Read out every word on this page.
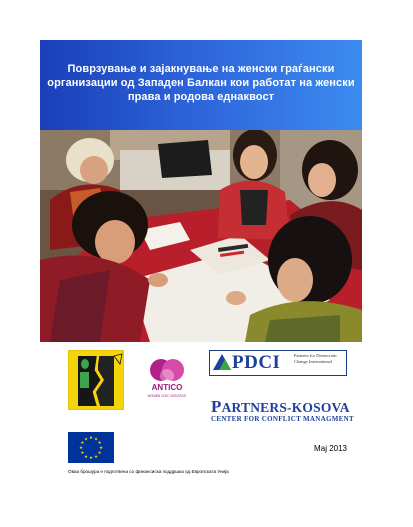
Поврзување и зајакнување на женски граѓански
организации од Западен Балкан кои работат на женски
права и родова еднаквост
ANTICO
WOMEN CIVIC INITIATIVE
PDCI	Partners for Democratic Change International
PARTNERS-KOSOVA
CENTER FOR CONFLICT MANAGMENT
★ ★
★
★
★
★
★
★
★
★
★
★
Мај 2013
Оваа брошура е подготвена со финансиска поддршка од Европската Унија
